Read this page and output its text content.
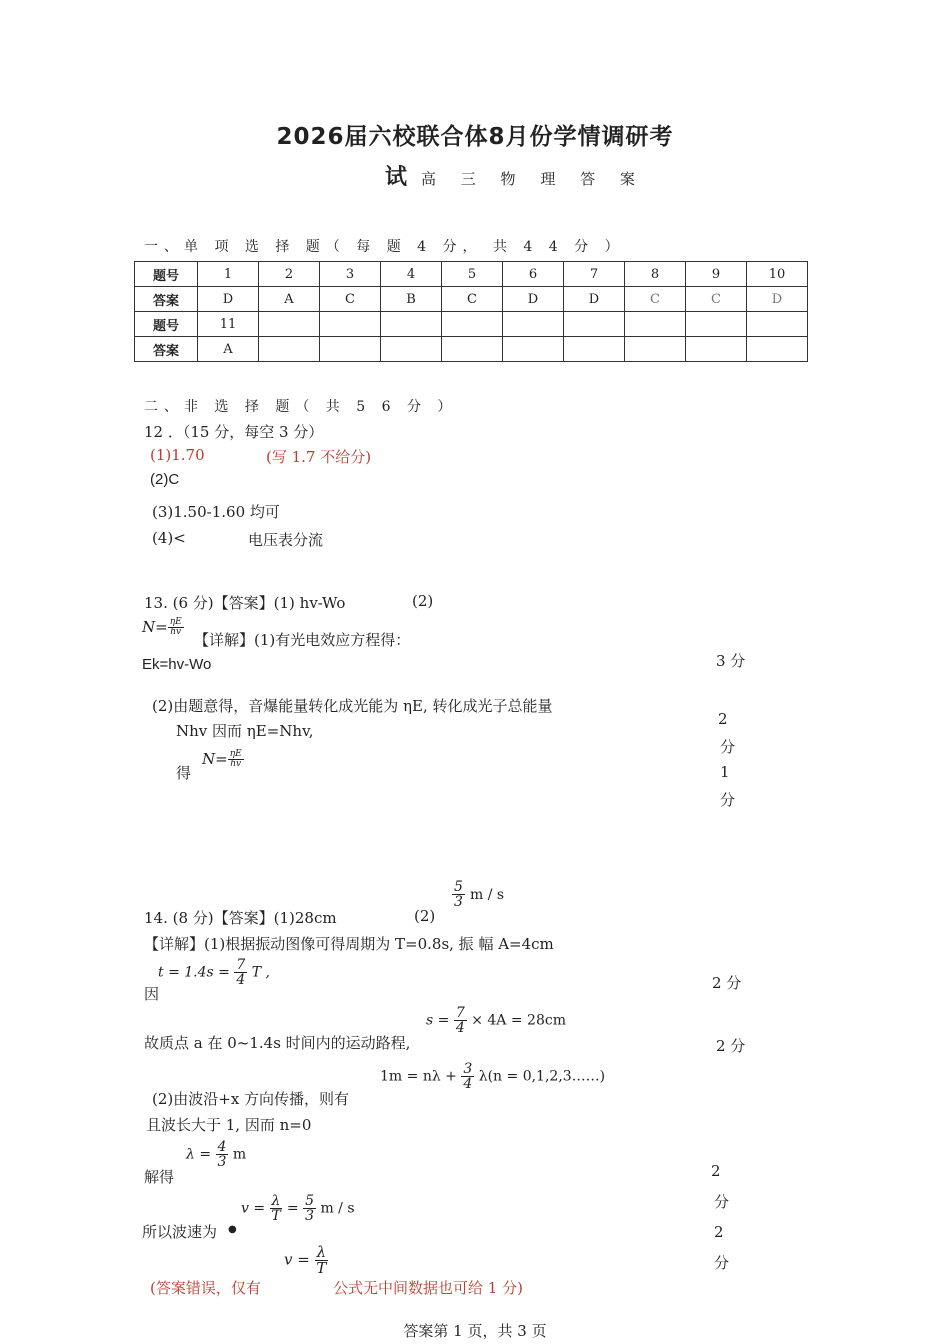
2026届六校联合体8月份学情调研考
试 高 三 物 理 答 案
一、单 项 选 择 题（ 每 题 4 分， 共 4 4 分 ）
题号	1	2	3	4	5	6	7	8	9	10
答案	D	A	C	B	C	D	D	C	C	D
题号	11									
答案	A									
二、非 选 择 题（ 共 5 6 分 ）
12 ．（15 分，每空 3 分）
(1)1.70	(写 1.7 不给分)
(2)C
(3)1.50-1.60 均可
(4)<	电压表分流
13. (6 分)【答案】(1) hv-Wo	(2)
$N= \frac{\eta E}{hv}$
【详解】(1)有光电效应方程得：
Ek=hv-Wo	3 分
(2)由题意得，音爆能量转化成光能为 ηE, 转化成光子总能量
Nhv 因而 ηE=Nhv,
得
$N= \frac{\eta E}{hv}$
2
分
1
分
14. (8 分)【答案】(1)28cm	(2)
$\frac{5}{3}$ m / s
【详解】(1)根据振动图像可得周期为 T=0.8s, 振 幅 A=4cm
因
$t = 1.4s = \frac{7}{4}$ T ,
2 分
故质点 a 在 0~1.4s 时间内的运动路程,
$s = \frac{7}{4} \times 4A = 28cm$
2 分
(2)由波沿+x 方向传播，则有
$1m = n\lambda + \frac{3}{4} \lambda(n$ = 0,1,2,3……)
且波长大于 1, 因而 n=0
解得
$\lambda = \frac{4}{3}$ m
2
分
所以波速为 ●
$v = \frac{\lambda}{T} = \frac{5}{3}$ m / s
2
分
(答案错误，仅有
$v = \frac{\lambda}{T}$
公式无中间数据也可给 1 分)
答案第 1 页，共 3 页
